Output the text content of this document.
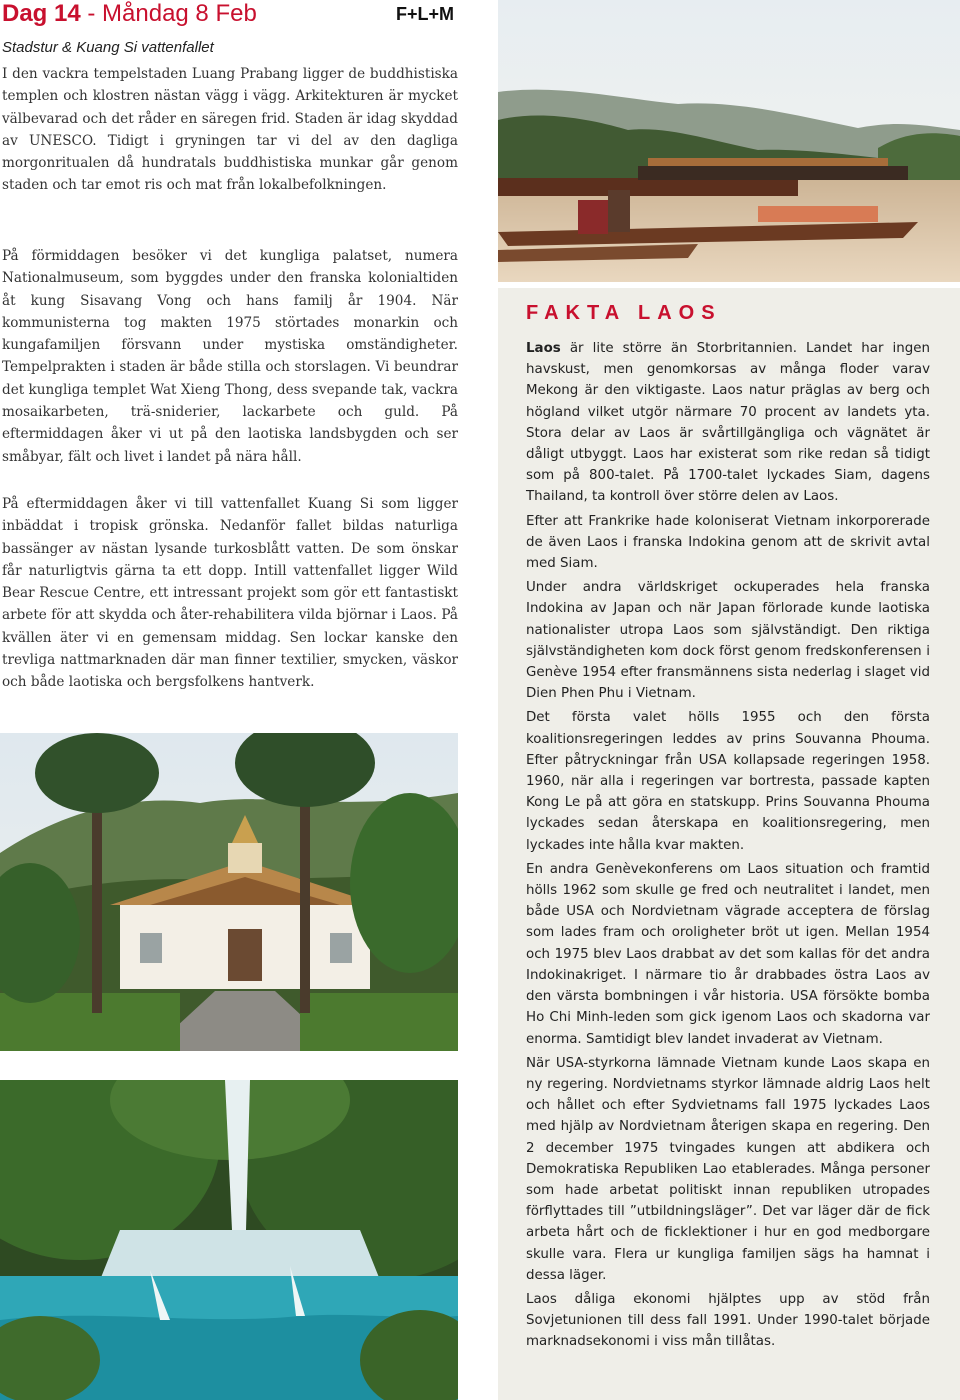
Dag 14 - Måndag 8 Feb	F+L+M
Stadstur & Kuang Si vattenfallet

I den vackra tempelstaden Luang Prabang ligger de buddhistiska templen och klostren nästan vägg i vägg. Arkitekturen är mycket välbevarad och det råder en säregen frid. Staden är idag skyddad av UNESCO. Tidigt i gryningen tar vi del av den dagliga morgonritualen då hundratals buddhistiska munkar går genom staden och tar emot ris och mat från lokalbefolkningen.

På förmiddagen besöker vi det kungliga palatset, numera Nationalmuseum, som byggdes under den franska kolonialtiden åt kung Sisavang Vong och hans familj år 1904. När kommunisterna tog makten 1975 störtades monarkin och kungafamiljen försvann under mystiska omständigheter. Tempelprakten i staden är både stilla och storslagen. Vi beundrar det kungliga templet Wat Xieng Thong, dess svepande tak, vackra mosaikarbeten, trä-sniderier, lackarbete och guld. På eftermiddagen åker vi ut på den laotiska landsbygden och ser småbyar, fält och livet i landet på nära håll.

På eftermiddagen åker vi till vattenfallet Kuang Si som ligger inbäddat i tropisk grönska. Nedanför fallet bildas naturliga bassänger av nästan lysande turkosblått vatten. De som önskar får naturligtvis gärna ta ett dopp. Intill vattenfallet ligger Wild Bear Rescue Centre, ett intressant projekt som gör ett fantastiskt arbete för att skydda och åter-rehabilitera vilda björnar i Laos. På kvällen äter vi en gemensam middag. Sen lockar kanske den trevliga nattmarknaden där man finner textilier, smycken, väskor och både laotiska och bergsfolkens hantverk.

FAKTA LAOS

Laos är lite större än Storbritannien. Landet har ingen havskust, men genomkorsas av många floder varav Mekong är den viktigaste. Laos natur präglas av berg och högland vilket utgör närmare 70 procent av landets yta. Stora delar av Laos är svårtillgängliga och vägnätet är dåligt utbyggt. Laos har existerat som rike redan så tidigt som på 800-talet. På 1700-talet lyckades Siam, dagens Thailand, ta kontroll över större delen av Laos.

Efter att Frankrike hade koloniserat Vietnam inkorporerade de även Laos i franska Indokina genom att de skrivit avtal med Siam.

Under andra världskriget ockuperades hela franska Indokina av Japan och när Japan förlorade kunde laotiska nationalister utropa Laos som självständigt. Den riktiga självständigheten kom dock först genom fredskonferensen i Genève 1954 efter fransmännens sista nederlag i slaget vid Dien Phen Phu i Vietnam.

Det första valet hölls 1955 och den första koalitionsregeringen leddes av prins Souvanna Phouma. Efter påtryckningar från USA kollapsade regeringen 1958. 1960, när alla i regeringen var bortresta, passade kapten Kong Le på att göra en statskupp. Prins Souvanna Phouma lyckades sedan återskapa en koalitionsregering, men lyckades inte hålla kvar makten.

En andra Genèvekonferens om Laos situation och framtid hölls 1962 som skulle ge fred och neutralitet i landet, men både USA och Nordvietnam vägrade acceptera de förslag som lades fram och oroligheter bröt ut igen. Mellan 1954 och 1975 blev Laos drabbat av det som kallas för det andra Indokinakriget. I närmare tio år drabbades östra Laos av den värsta bombningen i vår historia. USA försökte bomba Ho Chi Minh-leden som gick igenom Laos och skadorna var enorma. Samtidigt blev landet invaderat av Vietnam.

När USA-styrkorna lämnade Vietnam kunde Laos skapa en ny regering. Nordvietnams styrkor lämnade aldrig Laos helt och hållet och efter Sydvietnams fall 1975 lyckades Laos med hjälp av Nordvietnam återigen skapa en regering. Den 2 december 1975 tvingades kungen att abdikera och Demokratiska Republiken Lao etablerades. Många personer som hade arbetat politiskt innan republiken utropades förflyttades till ”utbildningsläger”. Det var läger där de fick arbeta hårt och de ficklektioner i hur en god medborgare skulle vara. Flera ur kungliga familjen sägs ha hamnat i dessa läger.

Laos dåliga ekonomi hjälptes upp av stöd från Sovjetunionen till dess fall 1991. Under 1990-talet började marknadsekonomi i viss mån tillåtas.
